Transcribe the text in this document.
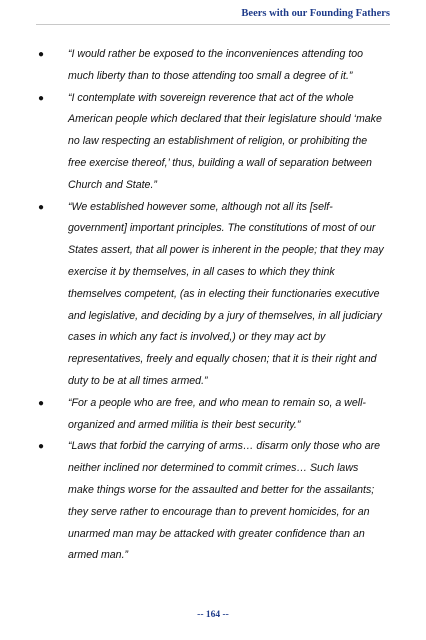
Beers with our Founding Fathers
● “I would rather be exposed to the inconveniences attending too much liberty than to those attending too small a degree of it.”
● “I contemplate with sovereign reverence that act of the whole American people which declared that their legislature should ‘make no law respecting an establishment of religion, or prohibiting the free exercise thereof,’ thus, building a wall of separation between Church and State.”
● “We established however some, although not all its [self-government] important principles. The constitutions of most of our States assert, that all power is inherent in the people; that they may exercise it by themselves, in all cases to which they think themselves competent, (as in electing their functionaries executive and legislative, and deciding by a jury of themselves, in all judiciary cases in which any fact is involved,) or they may act by representatives, freely and equally chosen; that it is their right and duty to be at all times armed.”
● “For a people who are free, and who mean to remain so, a well-organized and armed militia is their best security.”
● “Laws that forbid the carrying of arms… disarm only those who are neither inclined nor determined to commit crimes… Such laws make things worse for the assaulted and better for the assailants; they serve rather to encourage than to prevent homicides, for an unarmed man may be attacked with greater confidence than an armed man.”
-- 164 --
